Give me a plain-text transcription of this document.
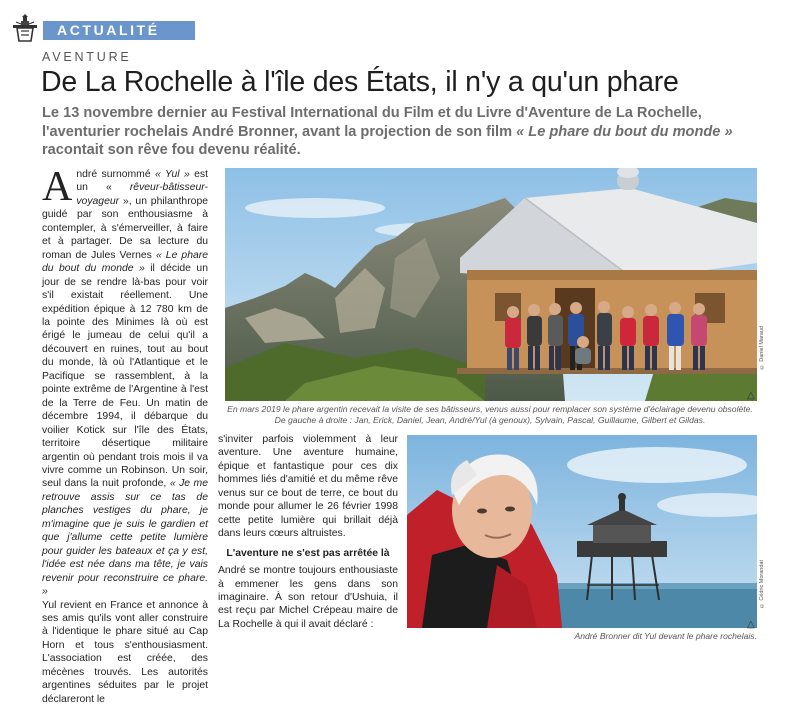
ACTUALITÉ
AVENTURE
De La Rochelle à l'île des États, il n'y a qu'un phare
Le 13 novembre dernier au Festival International du Film et du Livre d'Aventure de La Rochelle, l'aventurier rochelais André Bronner, avant la projection de son film « Le phare du bout du monde » racontait son rêve fou devenu réalité.

André surnommé « Yul » est un « rêveur-bâtisseur-voyageur », un philanthrope guidé par son enthousiasme à contempler, à s'émerveiller, à faire et à partager. De sa lecture du roman de Jules Vernes « Le phare du bout du monde » il décide un jour de se rendre là-bas pour voir s'il existait réellement. Une expédition épique à 12 780 km de la pointe des Minimes là où est érigé le jumeau de celui qu'il a découvert en ruines, tout au bout du monde, là où l'Atlantique et le Pacifique se rassemblent, à la pointe extrême de l'Argentine à l'est de la Terre de Feu. Un matin de décembre 1994, il débarque du voilier Kotick sur l'île des États, territoire désertique militaire argentin où pendant trois mois il va vivre comme un Robinson. Un soir, seul dans la nuit profonde, « Je me retrouve assis sur ce tas de planches vestiges du phare, je m'imagine que je suis le gardien et que j'allume cette petite lumière pour guider les bateaux et ça y est, l'idée est née dans ma tête, je vais revenir pour reconstruire ce phare. »

Yul revient en France et annonce à ses amis qu'ils vont aller construire à l'identique le phare situé au Cap Horn et tous s'enthousiasment. L'association est créée, des mécènes trouvés. Les autorités argentines séduites par le projet déclareront le

En mars 2019 le phare argentin recevait la visite de ses bâtisseurs, venus aussi pour remplacer son système d'éclairage devenu obsolète. De gauche à droite : Jan, Erick, Daniel, Jean, André/Yul (à genoux), Sylvain, Pascal, Guillaume, Gilbert et Gildas.
© Daniel Maraud
△

s'inviter parfois violemment à leur aventure. Une aventure humaine, épique et fantastique pour ces dix hommes liés d'amitié et du même rêve venus sur ce bout de terre, ce bout du monde pour allumer le 26 février 1998 cette petite lumière qui brillait déjà dans leurs cœurs altruistes.

L'aventure ne s'est pas arrêtée là

André se montre toujours enthousiaste à emmener les gens dans son imaginaire. À son retour d'Ushuia, il est reçu par Michel Crépeau maire de La Rochelle à qui il avait déclaré :

André Bronner dit Yul devant le phare rochelais.
© Cédric Morandat
△
